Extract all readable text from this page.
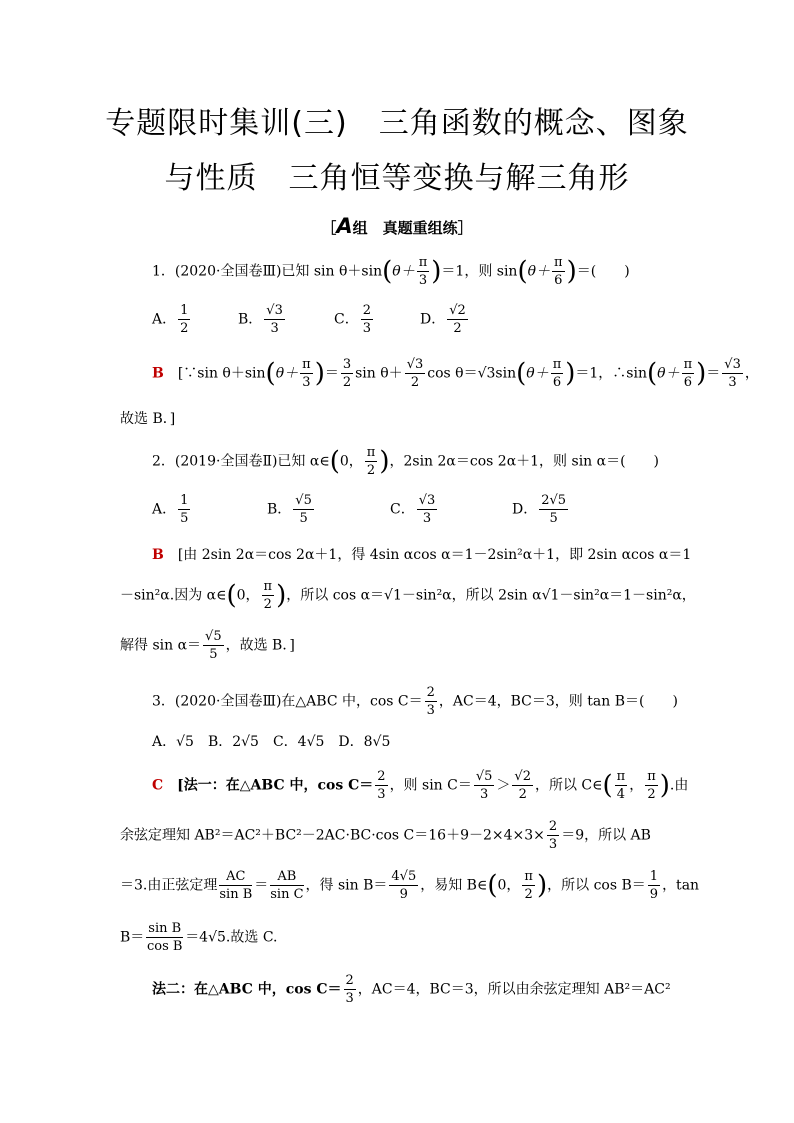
专题限时集训(三)　三角函数的概念、图象
与性质　三角恒等变换与解三角形
［A组　 真题重组练］
1．(2020·全国卷Ⅲ)已知 $\sin \theta+\sin(\theta+ \frac{\pi}{3} )=1$，则 $\sin(\theta+ \frac{\pi}{6}$ )＝(　　)
A． $\frac{1}{2}$	B． $\frac{√3}{3}$	C． $\frac{2}{3}$	D． $\frac{√2}{2}$
B　 [∵sin $\theta+\sin(\theta+ \frac{\pi}{3}$ )＝ $\frac{3}{2}$ $\sin \theta+ \frac{√3}{2}$ $\cos \theta=√3\sin(\theta+ \frac{\pi}{6} )=1$，∴sin(θ＋ $\frac{\pi}{6}$ )＝ $\frac{√3}{3}$ ，
故选 B．]
2．(2019·全国卷Ⅱ)已知 α∈(0， $\frac{\pi}{2}$ )，2sin 2α＝cos 2α＋1，则 sin α＝(　　)
A． $\frac{1}{5}$	B． $\frac{√5}{5}$	C． $\frac{√3}{3}$	D． $\frac{2√5}{5}$
B　 [由 2sin 2α＝cos 2α＋1，得 4sin αcos α＝1－2sin²α＋1，即 2sin αcos α＝1
－sin²α.因为 α∈(0， $\frac{\pi}{2}$ )，所以 cos α＝√1－sin²α，所以 2sin α√1－sin²α＝1－sin²α，
解得 $\sin \alpha= \frac{√5}{5}$ ，故选 B．]
3．(2020·全国卷Ⅲ)在△ABC 中，$\cos C= \frac{2}{3}$ ，AC＝4，BC＝3，则 tan B＝(　　)
A．√5　B．2√5　C．4√5　D．8√5
C　 [法一：在△ABC 中，$\cos C= \frac{2}{3}$ ，则 $\sin C= \frac{√5}{3} > \frac{√2}{2}$ ，所以 C∈( $\frac{\pi}{4}$ ， $\frac{\pi}{2}$ ).由
余弦定理知 AB²＝AC²＋BC²－2AC·BC·cos $C=16+9-2\times 4\times 3\times \frac{2}{3} =9$，所以 AB
＝3.由正弦定理 $\frac{AC}{\text{sin B}} = \frac{AB}{\text{sin C}}$ ，得 $\sin B= \frac{4√5}{9}$ ，易知 B∈(0， $\frac{\pi}{2}$ )，所以 $\cos B= \frac{1}{9}$ ，tan
$B= \frac{\text{sin B}}{\text{cos B}} =4√5$.故选 C.
法二：在△ABC 中，$\cos C= \frac{2}{3}$ ，AC＝4，BC＝3，所以由余弦定理知 AB²＝AC²
